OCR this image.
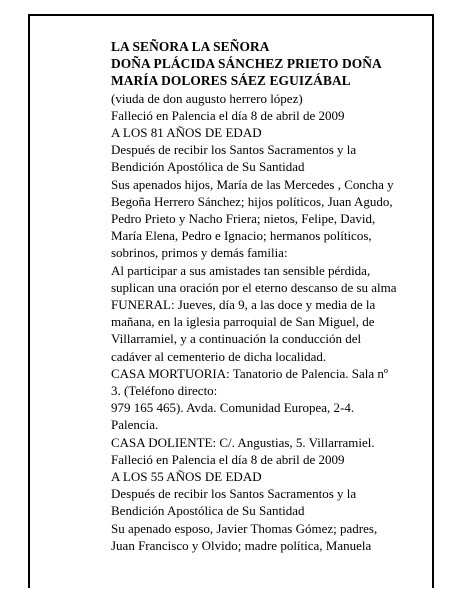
LA SEÑORA LA SEÑORA
DOÑA PLÁCIDA SÁNCHEZ PRIETO DOÑA
MARÍA DOLORES SÁEZ EGUIZÁBAL
(viuda de don augusto herrero lópez)
Falleció en Palencia el día 8 de abril de 2009
A LOS 81 AÑOS DE EDAD
Después de recibir los Santos Sacramentos y la
Bendición Apostólica de Su Santidad
Sus apenados hijos, María de las Mercedes , Concha y
Begoña Herrero Sánchez; hijos políticos, Juan Agudo,
Pedro Prieto y Nacho Friera; nietos, Felipe, David,
María Elena, Pedro e Ignacio; hermanos políticos,
sobrinos, primos y demás familia:
Al participar a sus amistades tan sensible pérdida,
suplican una oración por el eterno descanso de su alma
FUNERAL: Jueves, día 9, a las doce y media de la
mañana, en la iglesia parroquial de San Miguel, de
Villarramiel, y a continuación la conducción del
cadáver al cementerio de dicha localidad.
CASA MORTUORIA: Tanatorio de Palencia. Sala nº
3. (Teléfono directo:
979 165 465). Avda. Comunidad Europea, 2-4.
Palencia.
CASA DOLIENTE: C/. Angustias, 5. Villarramiel.
Falleció en Palencia el día 8 de abril de 2009
A LOS 55 AÑOS DE EDAD
Después de recibir los Santos Sacramentos y la
Bendición Apostólica de Su Santidad
Su apenado esposo, Javier Thomas Gómez; padres,
Juan Francisco y Olvido; madre política, Manuela
